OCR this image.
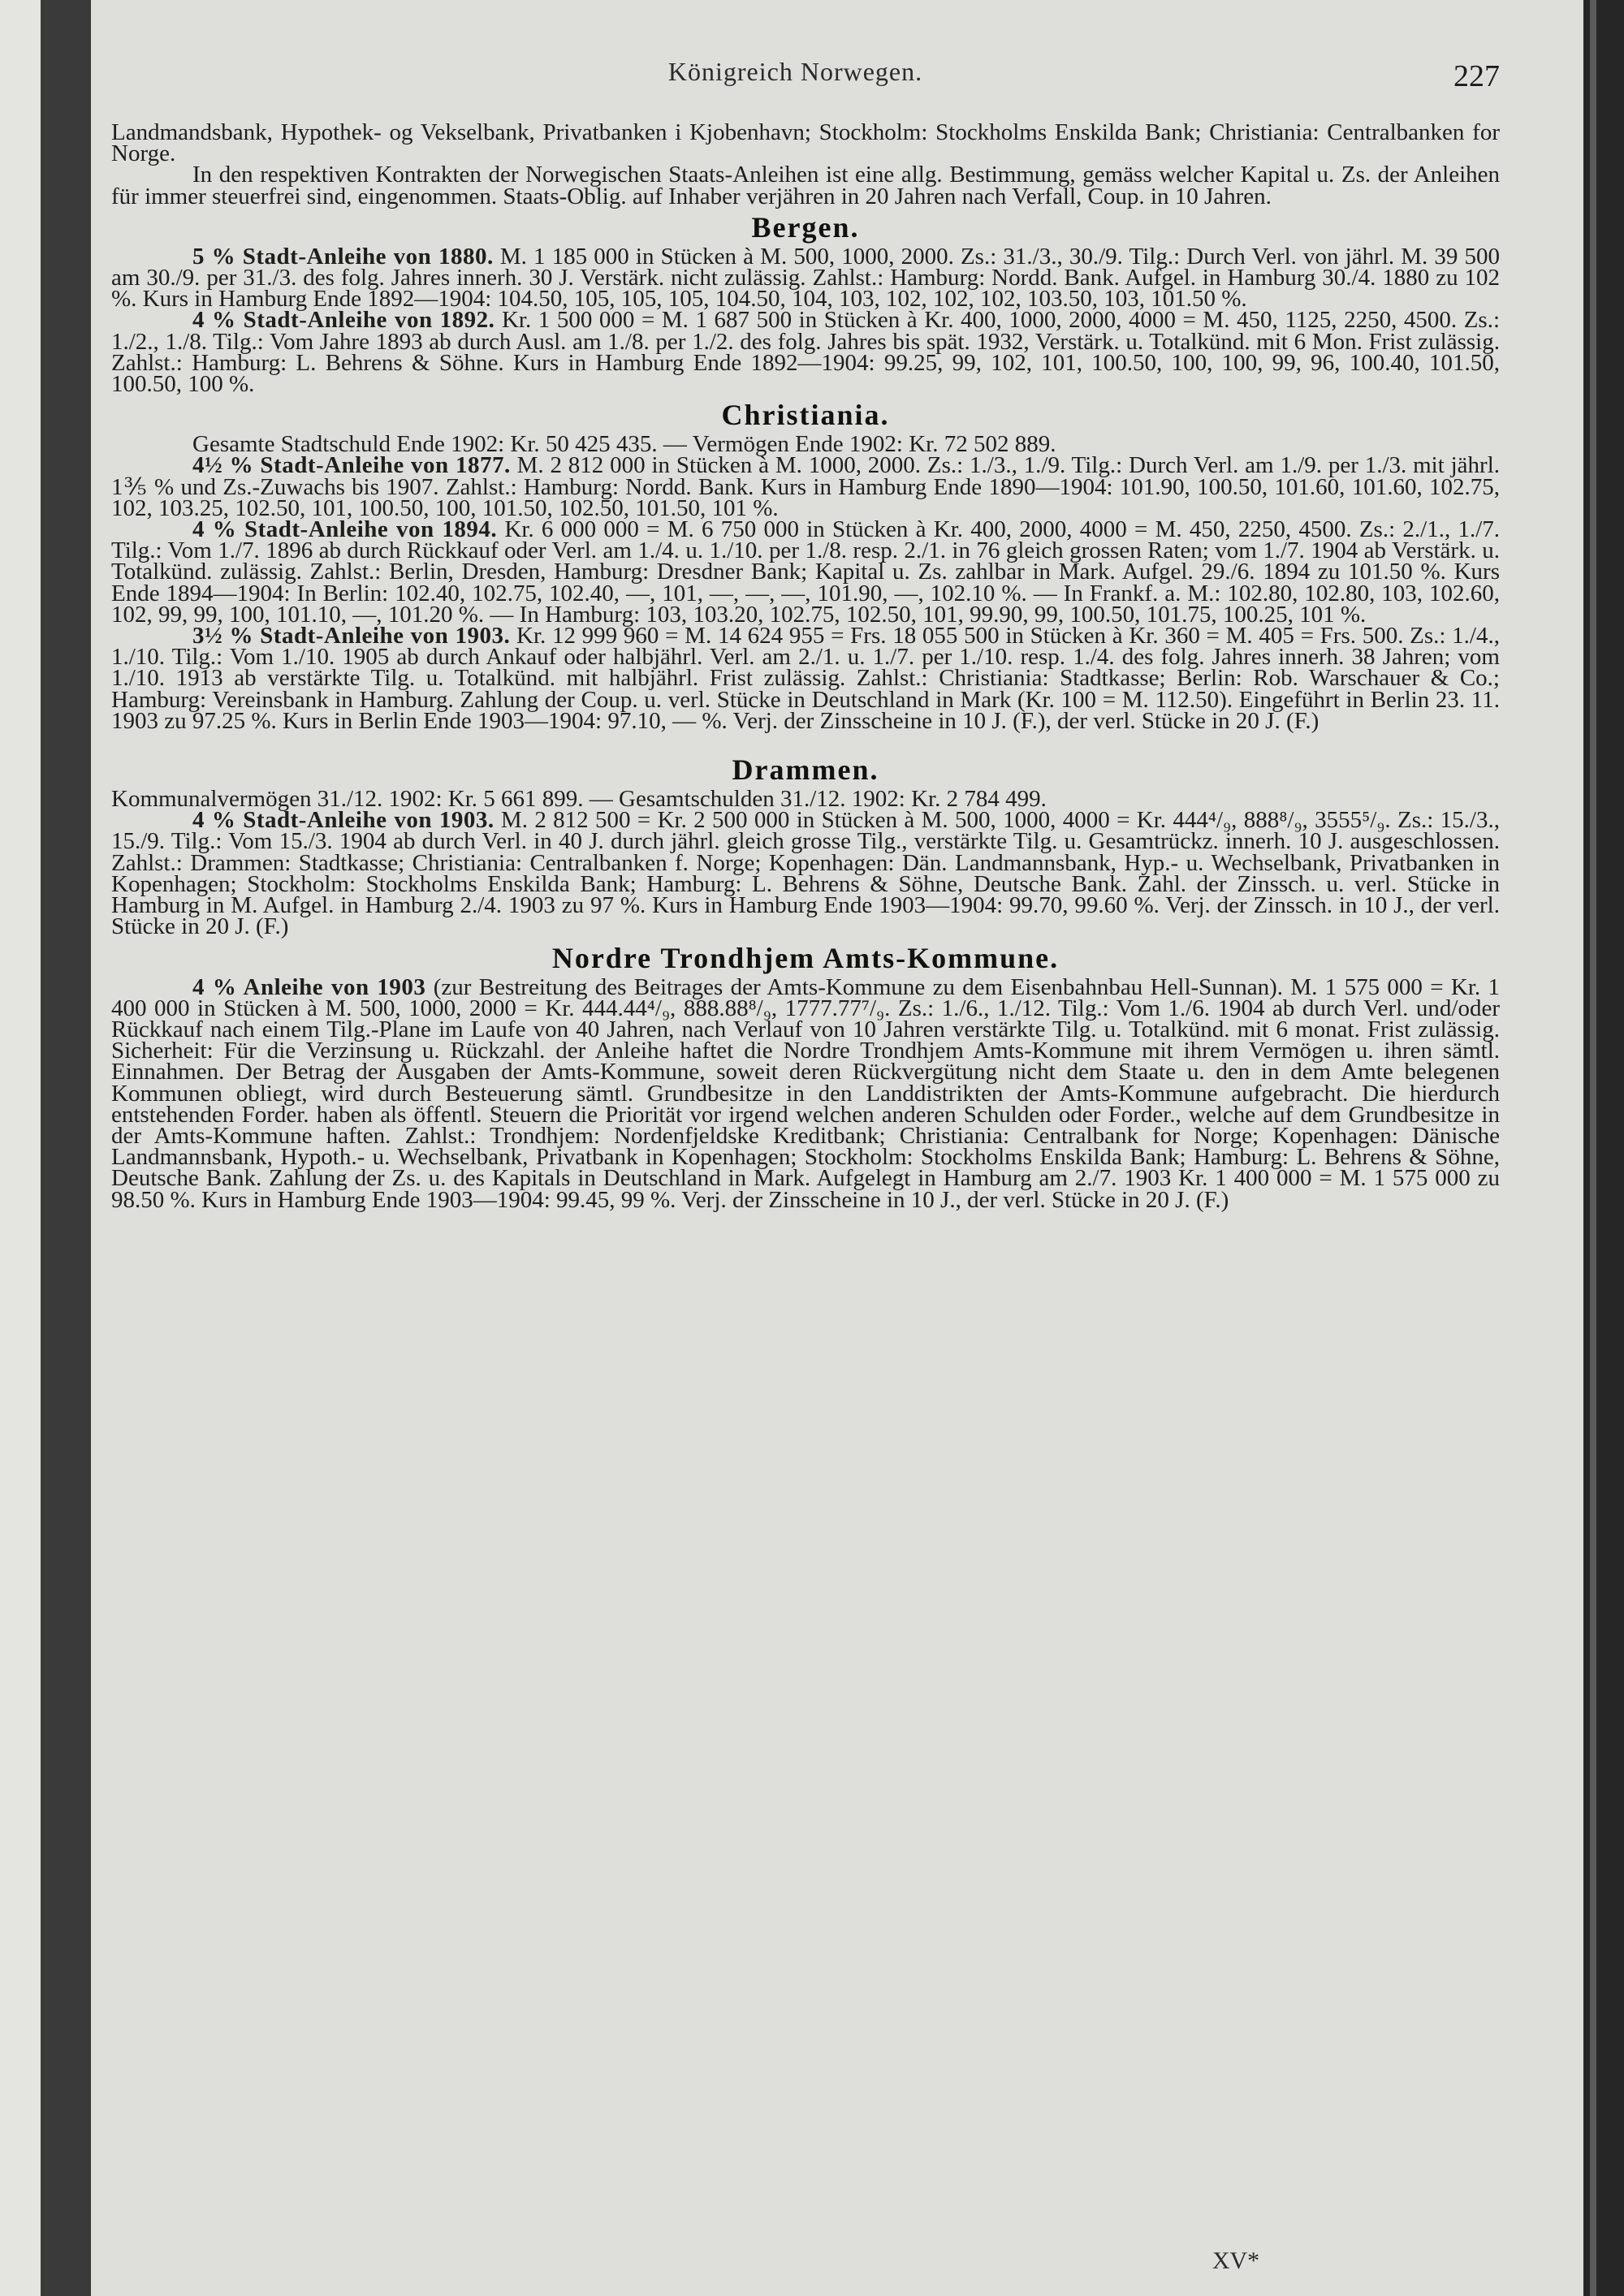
Königreich Norwegen.	227

Landmandsbank, Hypothek- og Vekselbank, Privatbanken i Kjobenhavn; Stockholm: Stockholms Enskilda Bank; Christiania: Centralbanken for Norge.

In den respektiven Kontrakten der Norwegischen Staats-Anleihen ist eine allg. Bestimmung, gemäss welcher Kapital u. Zs. der Anleihen für immer steuerfrei sind, eingenommen. Staats-Oblig. auf Inhaber verjähren in 20 Jahren nach Verfall, Coup. in 10 Jahren.

Bergen.

5 % Stadt-Anleihe von 1880. M. 1 185 000 in Stücken à M. 500, 1000, 2000. Zs.: 31./3., 30./9. Tilg.: Durch Verl. von jährl. M. 39 500 am 30./9. per 31./3. des folg. Jahres innerh. 30 J. Verstärk. nicht zulässig. Zahlst.: Hamburg: Nordd. Bank. Aufgel. in Hamburg 30./4. 1880 zu 102 %. Kurs in Hamburg Ende 1892—1904: 104.50, 105, 105, 105, 104.50, 104, 103, 102, 102, 102, 103.50, 103, 101.50 %.

4 % Stadt-Anleihe von 1892. Kr. 1 500 000 = M. 1 687 500 in Stücken à Kr. 400, 1000, 2000, 4000 = M. 450, 1125, 2250, 4500. Zs.: 1./2., 1./8. Tilg.: Vom Jahre 1893 ab durch Ausl. am 1./8. per 1./2. des folg. Jahres bis spät. 1932, Verstärk. u. Totalkünd. mit 6 Mon. Frist zulässig. Zahlst.: Hamburg: L. Behrens & Söhne. Kurs in Hamburg Ende 1892—1904: 99.25, 99, 102, 101, 100.50, 100, 100, 99, 96, 100.40, 101.50, 100.50, 100 %.

Christiania.

Gesamte Stadtschuld Ende 1902: Kr. 50 425 435. — Vermögen Ende 1902: Kr. 72 502 889.

4½ % Stadt-Anleihe von 1877. M. 2 812 000 in Stücken à M. 1000, 2000. Zs.: 1./3., 1./9. Tilg.: Durch Verl. am 1./9. per 1./3. mit jährl. 1⅗ % und Zs.-Zuwachs bis 1907. Zahlst.: Hamburg: Nordd. Bank. Kurs in Hamburg Ende 1890—1904: 101.90, 100.50, 101.60, 101.60, 102.75, 102, 103.25, 102.50, 101, 100.50, 100, 101.50, 102.50, 101.50, 101 %.

4 % Stadt-Anleihe von 1894. Kr. 6 000 000 = M. 6 750 000 in Stücken à Kr. 400, 2000, 4000 = M. 450, 2250, 4500. Zs.: 2./1., 1./7. Tilg.: Vom 1./7. 1896 ab durch Rückkauf oder Verl. am 1./4. u. 1./10. per 1./8. resp. 2./1. in 76 gleich grossen Raten; vom 1./7. 1904 ab Verstärk. u. Totalkünd. zulässig. Zahlst.: Berlin, Dresden, Hamburg: Dresdner Bank; Kapital u. Zs. zahlbar in Mark. Aufgel. 29./6. 1894 zu 101.50 %. Kurs Ende 1894—1904: In Berlin: 102.40, 102.75, 102.40, —, 101, —, —, —, 101.90, —, 102.10 %. — In Frankf. a. M.: 102.80, 102.80, 103, 102.60, 102, 99, 99, 100, 101.10, —, 101.20 %. — In Hamburg: 103, 103.20, 102.75, 102.50, 101, 99.90, 99, 100.50, 101.75, 100.25, 101 %.

3½ % Stadt-Anleihe von 1903. Kr. 12 999 960 = M. 14 624 955 = Frs. 18 055 500 in Stücken à Kr. 360 = M. 405 = Frs. 500. Zs.: 1./4., 1./10. Tilg.: Vom 1./10. 1905 ab durch Ankauf oder halbjährl. Verl. am 2./1. u. 1./7. per 1./10. resp. 1./4. des folg. Jahres innerh. 38 Jahren; vom 1./10. 1913 ab verstärkte Tilg. u. Totalkünd. mit halbjährl. Frist zulässig. Zahlst.: Christiania: Stadtkasse; Berlin: Rob. Warschauer & Co.; Hamburg: Vereinsbank in Hamburg. Zahlung der Coup. u. verl. Stücke in Deutschland in Mark (Kr. 100 = M. 112.50). Eingeführt in Berlin 23. 11. 1903 zu 97.25 %. Kurs in Berlin Ende 1903—1904: 97.10, — %. Verj. der Zinsscheine in 10 J. (F.), der verl. Stücke in 20 J. (F.)

Drammen.

Kommunalvermögen 31./12. 1902: Kr. 5 661 899. — Gesamtschulden 31./12. 1902: Kr. 2 784 499.

4 % Stadt-Anleihe von 1903. M. 2 812 500 = Kr. 2 500 000 in Stücken à M. 500, 1000, 4000 = Kr. 444⁴/₉, 888⁸/₉, 3555⁵/₉. Zs.: 15./3., 15./9. Tilg.: Vom 15./3. 1904 ab durch Verl. in 40 J. durch jährl. gleich grosse Tilg., verstärkte Tilg. u. Gesamtrückz. innerh. 10 J. ausgeschlossen. Zahlst.: Drammen: Stadtkasse; Christiania: Centralbanken f. Norge; Kopenhagen: Dän. Landmannsbank, Hyp.- u. Wechselbank, Privatbanken in Kopenhagen; Stockholm: Stockholms Enskilda Bank; Hamburg: L. Behrens & Söhne, Deutsche Bank. Zahl. der Zinssch. u. verl. Stücke in Hamburg in M. Aufgel. in Hamburg 2./4. 1903 zu 97 %. Kurs in Hamburg Ende 1903—1904: 99.70, 99.60 %. Verj. der Zinssch. in 10 J., der verl. Stücke in 20 J. (F.)

Nordre Trondhjem Amts-Kommune.

4 % Anleihe von 1903 (zur Bestreitung des Beitrages der Amts-Kommune zu dem Eisenbahnbau Hell-Sunnan). M. 1 575 000 = Kr. 1 400 000 in Stücken à M. 500, 1000, 2000 = Kr. 444.44⁴/₉, 888.88⁸/₉, 1777.77⁷/₉. Zs.: 1./6., 1./12. Tilg.: Vom 1./6. 1904 ab durch Verl. und/oder Rückkauf nach einem Tilg.-Plane im Laufe von 40 Jahren, nach Verlauf von 10 Jahren verstärkte Tilg. u. Totalkünd. mit 6 monat. Frist zulässig. Sicherheit: Für die Verzinsung u. Rückzahl. der Anleihe haftet die Nordre Trondhjem Amts-Kommune mit ihrem Vermögen u. ihren sämtl. Einnahmen. Der Betrag der Ausgaben der Amts-Kommune, soweit deren Rückvergütung nicht dem Staate u. den in dem Amte belegenen Kommunen obliegt, wird durch Besteuerung sämtl. Grundbesitze in den Landdistrikten der Amts-Kommune aufgebracht. Die hierdurch entstehenden Forder. haben als öffentl. Steuern die Priorität vor irgend welchen anderen Schulden oder Forder., welche auf dem Grundbesitze in der Amts-Kommune haften. Zahlst.: Trondhjem: Nordenfjeldske Kreditbank; Christiania: Centralbank for Norge; Kopenhagen: Dänische Landmannsbank, Hypoth.- u. Wechselbank, Privatbank in Kopenhagen; Stockholm: Stockholms Enskilda Bank; Hamburg: L. Behrens & Söhne, Deutsche Bank. Zahlung der Zs. u. des Kapitals in Deutschland in Mark. Aufgelegt in Hamburg am 2./7. 1903 Kr. 1 400 000 = M. 1 575 000 zu 98.50 %. Kurs in Hamburg Ende 1903—1904: 99.45, 99 %. Verj. der Zinsscheine in 10 J., der verl. Stücke in 20 J. (F.)

XV*
